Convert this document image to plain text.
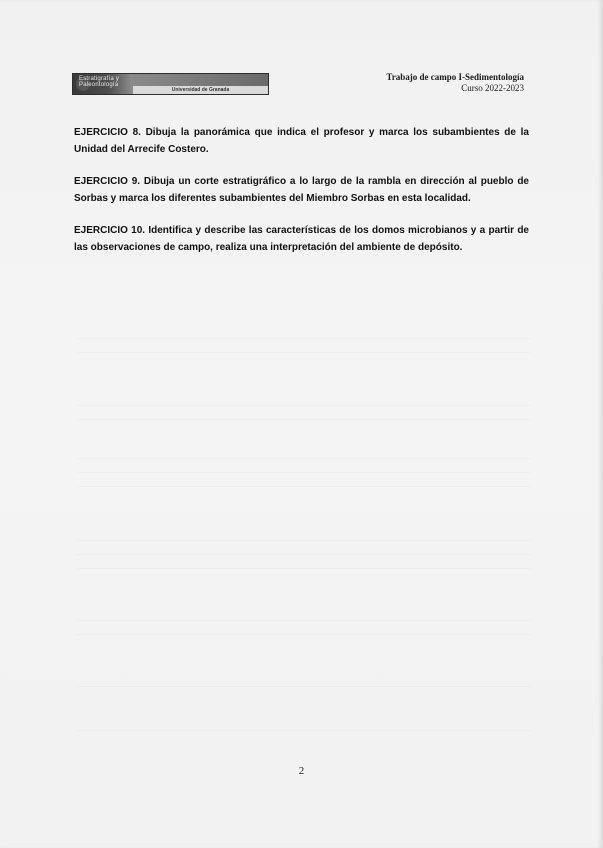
Estratigrafía y Paleontología
Universidad de Granada
Trabajo de campo I-Sedimentología
Curso 2022-2023

EJERCICIO 8. Dibuja la panorámica que indica el profesor y marca los subambientes de la Unidad del Arrecife Costero.

EJERCICIO 9. Dibuja un corte estratigráfico a lo largo de la rambla en dirección al pueblo de Sorbas y marca los diferentes subambientes del Miembro Sorbas en esta localidad.

EJERCICIO 10. Identifica y describe las características de los domos microbianos y a partir de las observaciones de campo, realiza una interpretación del ambiente de depósito.

2
